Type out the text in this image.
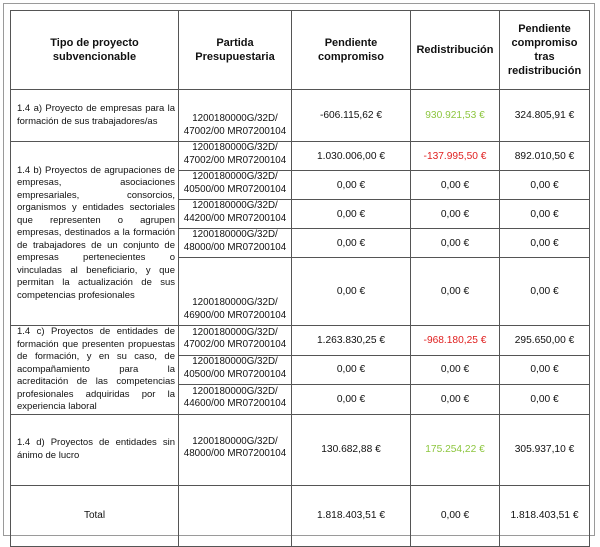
Tipo de proyecto subvencionable	Partida Presupuestaria	Pendiente compromiso	Redistribución	Pendiente compromiso tras redistribución
1.4 a) Proyecto de empresas para la formación de sus trabajadores/as	1200180000G/32D/
47002/00 MR07200104	-606.115,62 €	930.921,53 €	324.805,91 €
1.4 b) Proyectos de agrupaciones de empresas, asociaciones empresariales, consorcios, organismos y entidades sectoriales que representen o agrupen empresas, destinados a la formación de trabajadores de un conjunto de empresas pertenecientes o vinculadas al beneficiario, y que permitan la actualización de sus competencias profesionales	1200180000G/32D/
47002/00 MR07200104	1.030.006,00 €	-137.995,50 €	892.010,50 €
	1200180000G/32D/
40500/00 MR07200104	0,00 €	0,00 €	0,00 €
	1200180000G/32D/
44200/00 MR07200104	0,00 €	0,00 €	0,00 €
	1200180000G/32D/
48000/00 MR07200104	0,00 €	0,00 €	0,00 €
	1200180000G/32D/
46900/00 MR07200104	0,00 €	0,00 €	0,00 €
1.4 c) Proyectos de entidades de formación que presenten propuestas de formación, y en su caso, de acompañamiento para la acreditación de las competencias profesionales adquiridas por la experiencia laboral	1200180000G/32D/
47002/00 MR07200104	1.263.830,25 €	-968.180,25 €	295.650,00 €
	1200180000G/32D/
40500/00 MR07200104	0,00 €	0,00 €	0,00 €
	1200180000G/32D/
44600/00 MR07200104	0,00 €	0,00 €	0,00 €
1.4 d) Proyectos de entidades sin ánimo de lucro	1200180000G/32D/
48000/00 MR07200104	130.682,88 €	175.254,22 €	305.937,10 €
Total		1.818.403,51 €	0,00 €	1.818.403,51 €
